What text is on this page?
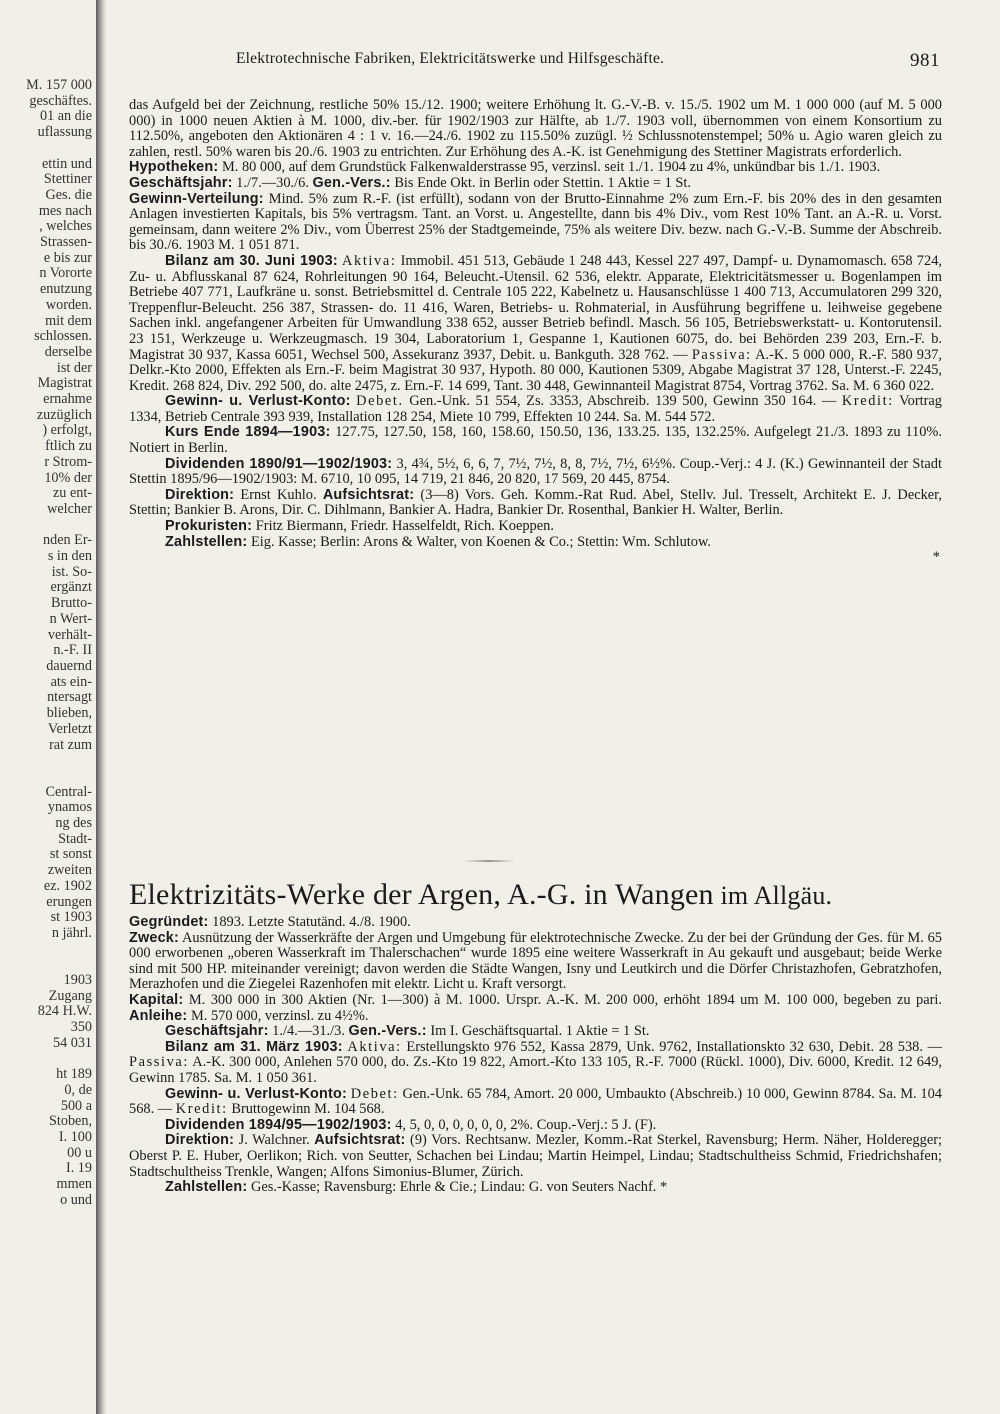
M. 157 000
geschäftes.
01 an die
uflassung
ettin und
Stettiner
Ges. die
mes nach
, welches
Strassen-
e bis zur
n Vororte
enutzung
worden.
mit dem
schlossen.
derselbe
ist der
Magistrat
ernahme
zuzüglich
) erfolgt,
ftlich zu
r Strom-
10% der
zu ent-
welcher
nden Er-
s in den
ist. So-
ergänzt
Brutto-
n Wert-
verhält-
n.-F. II
dauernd
ats ein-
ntersagt
blieben,
Verletzt
rat zum
Central-
ynamos
ng des
Stadt-
st sonst
zweiten
ez. 1902
erungen
st 1903
n jährl.
1903
Zugang
824 H.W.
350
54 031
ht 189
0, de
500 a
Stoben,
I. 100
00 u
I. 19
mmen
o und
Elektrotechnische Fabriken, Elektricitätswerke und Hilfsgeschäfte.	981

das Aufgeld bei der Zeichnung, restliche 50% 15./12. 1900; weitere Erhöhung lt. G.-V.-B. v. 15./5. 1902 um M. 1 000 000 (auf M. 5 000 000) in 1000 neuen Aktien à M. 1000, div.-ber. für 1902/1903 zur Hälfte, ab 1./7. 1903 voll, übernommen von einem Konsortium zu 112.50%, angeboten den Aktionären 4 : 1 v. 16.—24./6. 1902 zu 115.50% zuzügl. ½ Schlussnotenstempel; 50% u. Agio waren gleich zu zahlen, restl. 50% waren bis 20./6. 1903 zu entrichten. Zur Erhöhung des A.-K. ist Genehmigung des Stettiner Magistrats erforderlich.

Hypotheken: M. 80 000, auf dem Grundstück Falkenwalderstrasse 95, verzinsl. seit 1./1. 1904 zu 4%, unkündbar bis 1./1. 1903.

Geschäftsjahr: 1./7.—30./6. Gen.-Vers.: Bis Ende Okt. in Berlin oder Stettin. 1 Aktie = 1 St.

Gewinn-Verteilung: Mind. 5% zum R.-F. (ist erfüllt), sodann von der Brutto-Einnahme 2% zum Ern.-F. bis 20% des in den gesamten Anlagen investierten Kapitals, bis 5% vertragsm. Tant. an Vorst. u. Angestellte, dann bis 4% Div., vom Rest 10% Tant. an A.-R. u. Vorst. gemeinsam, dann weitere 2% Div., vom Überrest 25% der Stadtgemeinde, 75% als weitere Div. bezw. nach G.-V.-B. Summe der Abschreib. bis 30./6. 1903 M. 1 051 871.

Bilanz am 30. Juni 1903: Aktiva: Immobil. 451 513, Gebäude 1 248 443, Kessel 227 497, Dampf- u. Dynamomasch. 658 724, Zu- u. Abflusskanal 87 624, Rohrleitungen 90 164, Beleucht.-Utensil. 62 536, elektr. Apparate, Elektricitätsmesser u. Bogenlampen im Betriebe 407 771, Laufkräne u. sonst. Betriebsmittel d. Centrale 105 222, Kabelnetz u. Hausanschlüsse 1 400 713, Accumulatoren 299 320, Treppenflur-Beleucht. 256 387, Strassen- do. 11 416, Waren, Betriebs- u. Rohmaterial, in Ausführung begriffene u. leihweise gegebene Sachen inkl. angefangener Arbeiten für Umwandlung 338 652, ausser Betrieb befindl. Masch. 56 105, Betriebswerkstatt- u. Kontorutensil. 23 151, Werkzeuge u. Werkzeugmasch. 19 304, Laboratorium 1, Gespanne 1, Kautionen 6075, do. bei Behörden 239 203, Ern.-F. b. Magistrat 30 937, Kassa 6051, Wechsel 500, Assekuranz 3937, Debit. u. Bankguth. 328 762. — Passiva: A.-K. 5 000 000, R.-F. 580 937, Delkr.-Kto 2000, Effekten als Ern.-F. beim Magistrat 30 937, Hypoth. 80 000, Kautionen 5309, Abgabe Magistrat 37 128, Unterst.-F. 2245, Kredit. 268 824, Div. 292 500, do. alte 2475, z. Ern.-F. 14 699, Tant. 30 448, Gewinnanteil Magistrat 8754, Vortrag 3762. Sa. M. 6 360 022.

Gewinn- u. Verlust-Konto: Debet. Gen.-Unk. 51 554, Zs. 3353, Abschreib. 139 500, Gewinn 350 164. — Kredit: Vortrag 1334, Betrieb Centrale 393 939, Installation 128 254, Miete 10 799, Effekten 10 244. Sa. M. 544 572.

Kurs Ende 1894—1903: 127.75, 127.50, 158, 160, 158.60, 150.50, 136, 133.25. 135, 132.25%. Aufgelegt 21./3. 1893 zu 110%. Notiert in Berlin.

Dividenden 1890/91—1902/1903: 3, 4¾, 5½, 6, 6, 7, 7½, 7½, 8, 8, 7½, 7½, 6½%. Coup.-Verj.: 4 J. (K.) Gewinnanteil der Stadt Stettin 1895/96—1902/1903: M. 6710, 10 095, 14 719, 21 846, 20 820, 17 569, 20 445, 8754.

Direktion: Ernst Kuhlo. Aufsichtsrat: (3—8) Vors. Geh. Komm.-Rat Rud. Abel, Stellv. Jul. Tresselt, Architekt E. J. Decker, Stettin; Bankier B. Arons, Dir. C. Dihlmann, Bankier A. Hadra, Bankier Dr. Rosenthal, Bankier H. Walter, Berlin.

Prokuristen: Fritz Biermann, Friedr. Hasselfeldt, Rich. Koeppen.

Zahlstellen: Eig. Kasse; Berlin: Arons & Walter, von Koenen & Co.; Stettin: Wm. Schlutow.

*

Elektrizitäts-Werke der Argen, A.-G. in Wangen im Allgäu.

Gegründet: 1893. Letzte Statutänd. 4./8. 1900.

Zweck: Ausnützung der Wasserkräfte der Argen und Umgebung für elektrotechnische Zwecke. Zu der bei der Gründung der Ges. für M. 65 000 erworbenen „oberen Wasserkraft im Thalerschachen“ wurde 1895 eine weitere Wasserkraft in Au gekauft und ausgebaut; beide Werke sind mit 500 HP. miteinander vereinigt; davon werden die Städte Wangen, Isny und Leutkirch und die Dörfer Christazhofen, Gebratzhofen, Merazhofen und die Ziegelei Razenhofen mit elektr. Licht u. Kraft versorgt.

Kapital: M. 300 000 in 300 Aktien (Nr. 1—300) à M. 1000. Urspr. A.-K. M. 200 000, erhöht 1894 um M. 100 000, begeben zu pari. Anleihe: M. 570 000, verzinsl. zu 4½%.

Geschäftsjahr: 1./4.—31./3. Gen.-Vers.: Im I. Geschäftsquartal. 1 Aktie = 1 St.

Bilanz am 31. März 1903: Aktiva: Erstellungskto 976 552, Kassa 2879, Unk. 9762, Installationskto 32 630, Debit. 28 538. — Passiva: A.-K. 300 000, Anlehen 570 000, do. Zs.-Kto 19 822, Amort.-Kto 133 105, R.-F. 7000 (Rückl. 1000), Div. 6000, Kredit. 12 649, Gewinn 1785. Sa. M. 1 050 361.

Gewinn- u. Verlust-Konto: Debet: Gen.-Unk. 65 784, Amort. 20 000, Umbaukto (Abschreib.) 10 000, Gewinn 8784. Sa. M. 104 568. — Kredit: Bruttogewinn M. 104 568.

Dividenden 1894/95—1902/1903: 4, 5, 0, 0, 0, 0, 0, 0, 2%. Coup.-Verj.: 5 J. (F).

Direktion: J. Walchner. Aufsichtsrat: (9) Vors. Rechtsanw. Mezler, Komm.-Rat Sterkel, Ravensburg; Herm. Näher, Holderegger; Oberst P. E. Huber, Oerlikon; Rich. von Seutter, Schachen bei Lindau; Martin Heimpel, Lindau; Stadtschultheiss Schmid, Friedrichshafen; Stadtschultheiss Trenkle, Wangen; Alfons Simonius-Blumer, Zürich.

Zahlstellen: Ges.-Kasse; Ravensburg: Ehrle & Cie.; Lindau: G. von Seuters Nachf. *
